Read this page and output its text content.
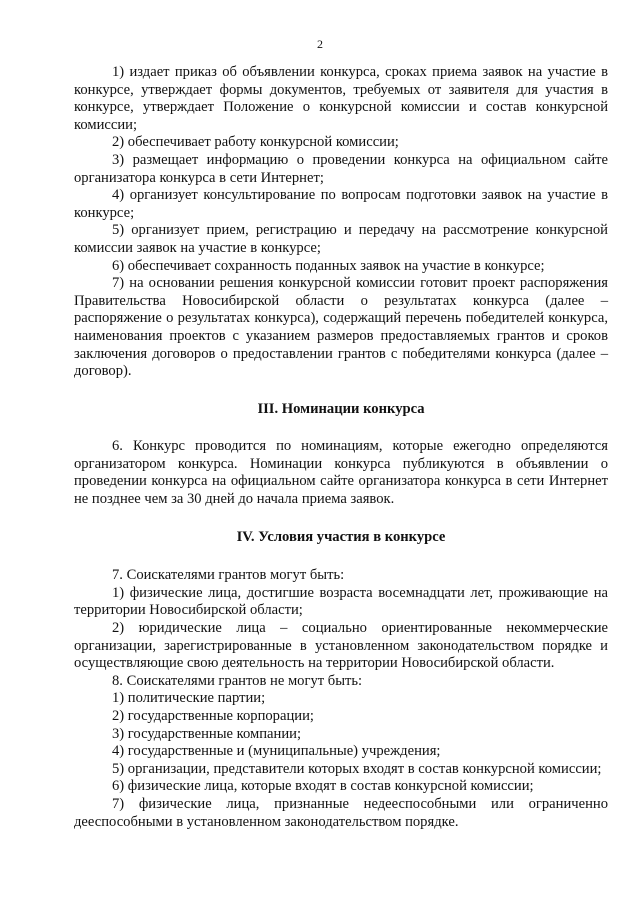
2

1) издает приказ об объявлении конкурса, сроках приема заявок на участие в конкурсе, утверждает формы документов, требуемых от заявителя для участия в конкурсе, утверждает Положение о конкурсной комиссии и состав конкурсной комиссии;

2) обеспечивает работу конкурсной комиссии;

3) размещает информацию о проведении конкурса на официальном сайте организатора конкурса в сети Интернет;

4) организует консультирование по вопросам подготовки заявок на участие в конкурсе;

5) организует прием, регистрацию и передачу на рассмотрение конкурсной комиссии заявок на участие в конкурсе;

6) обеспечивает сохранность поданных заявок на участие в конкурсе;

7) на основании решения конкурсной комиссии готовит проект распоряжения Правительства Новосибирской области о результатах конкурса (далее – распоряжение о результатах конкурса), содержащий перечень победителей конкурса, наименования проектов с указанием размеров предоставляемых грантов и сроков заключения договоров о предоставлении грантов с победителями конкурса (далее – договор).

III. Номинации конкурса

6. Конкурс проводится по номинациям, которые ежегодно определяются организатором конкурса. Номинации конкурса публикуются в объявлении о проведении конкурса на официальном сайте организатора конкурса в сети Интернет не позднее чем за 30 дней до начала приема заявок.

IV. Условия участия в конкурсе

7. Соискателями грантов могут быть:

1) физические лица, достигшие возраста восемнадцати лет, проживающие на территории Новосибирской области;

2) юридические лица – социально ориентированные некоммерческие организации, зарегистрированные в установленном законодательством порядке и осуществляющие свою деятельность на территории Новосибирской области.

8. Соискателями грантов не могут быть:

1) политические партии;

2) государственные корпорации;

3) государственные компании;

4) государственные и (муниципальные) учреждения;

5) организации, представители которых входят в состав конкурсной комиссии;

6) физические лица, которые входят в состав конкурсной комиссии;

7) физические лица, признанные недееспособными или ограниченно дееспособными в установленном законодательством порядке.
